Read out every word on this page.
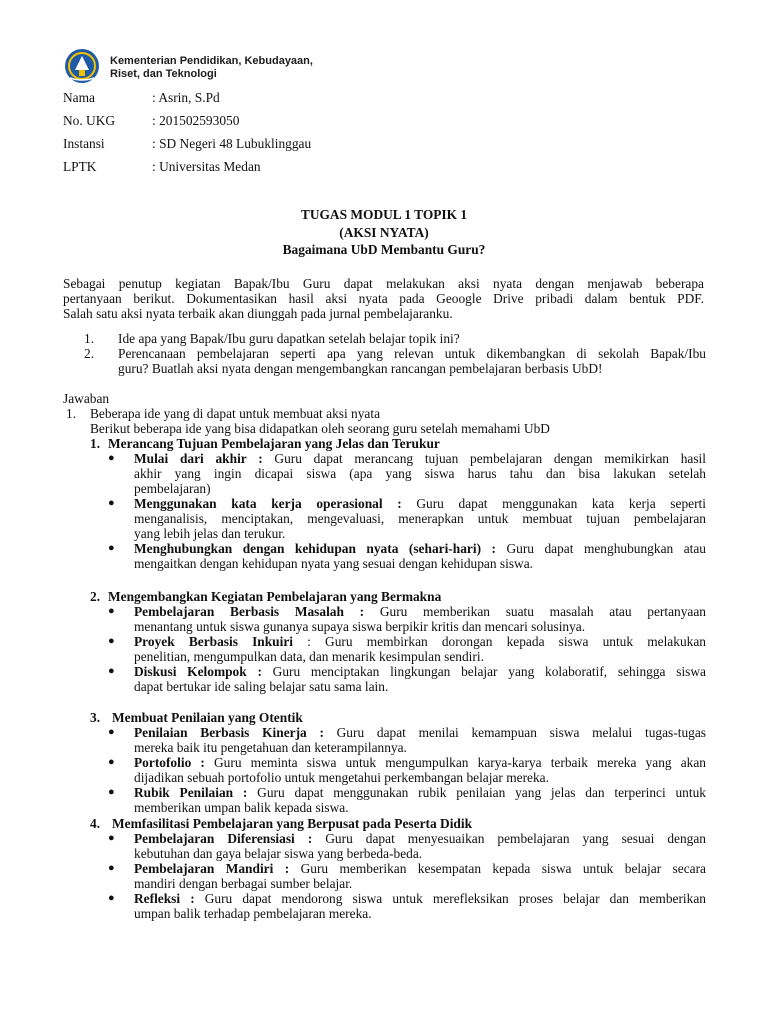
Kementerian Pendidikan, Kebudayaan,
Riset, dan Teknologi
Nama	: Asrin, S.Pd
No. UKG	: 201502593050
Instansi	: SD Negeri 48 Lubuklinggau
LPTK	: Universitas Medan
TUGAS MODUL 1 TOPIK 1
(AKSI NYATA)
Bagaimana UbD Membantu Guru?
Sebagai penutup kegiatan Bapak/Ibu Guru dapat melakukan aksi nyata dengan menjawab beberapa
pertanyaan berikut. Dokumentasikan hasil aksi nyata pada Geoogle Drive pribadi dalam bentuk PDF.
Salah satu aksi nyata terbaik akan diunggah pada jurnal pembelajaranku.
1.	Ide apa yang Bapak/Ibu guru dapatkan setelah belajar topik ini?
2.	Perencanaan pembelajaran seperti apa yang relevan untuk dikembangkan di sekolah Bapak/Ibu
guru? Buatlah aksi nyata dengan mengembangkan rancangan pembelajaran berbasis UbD!
Jawaban
1.	Beberapa ide yang di dapat untuk membuat aksi nyata
Berikut beberapa ide yang bisa didapatkan oleh seorang guru setelah memahami UbD
1. Merancang Tujuan Pembelajaran yang Jelas dan Terukur
●	Mulai dari akhir : Guru dapat merancang tujuan pembelajaran dengan memikirkan hasil
akhir yang ingin dicapai siswa (apa yang siswa harus tahu dan bisa lakukan setelah
pembelajaran)
●	Menggunakan kata kerja operasional : Guru dapat menggunakan kata kerja seperti
menganalisis, menciptakan, mengevaluasi, menerapkan untuk membuat tujuan pembelajaran
yang lebih jelas dan terukur.
●	Menghubungkan dengan kehidupan nyata (sehari-hari) : Guru dapat menghubungkan atau
mengaitkan dengan kehidupan nyata yang sesuai dengan kehidupan siswa.
2. Mengembangkan Kegiatan Pembelajaran yang Bermakna
●	Pembelajaran Berbasis Masalah : Guru memberikan suatu masalah atau pertanyaan
menantang untuk siswa gunanya supaya siswa berpikir kritis dan mencari solusinya.
●	Proyek Berbasis Inkuiri : Guru membirkan dorongan kepada siswa untuk melakukan
penelitian, mengumpulkan data, dan menarik kesimpulan sendiri.
●	Diskusi Kelompok : Guru menciptakan lingkungan belajar yang kolaboratif, sehingga siswa
dapat bertukar ide saling belajar satu sama lain.
3. Membuat Penilaian yang Otentik
●	Penilaian Berbasis Kinerja : Guru dapat menilai kemampuan siswa melalui tugas-tugas
mereka baik itu pengetahuan dan keterampilannya.
●	Portofolio : Guru meminta siswa untuk mengumpulkan karya-karya terbaik mereka yang akan
dijadikan sebuah portofolio untuk mengetahui perkembangan belajar mereka.
●	Rubik Penilaian : Guru dapat menggunakan rubik penilaian yang jelas dan terperinci untuk
memberikan umpan balik kepada siswa.
4. Memfasilitasi Pembelajaran yang Berpusat pada Peserta Didik
●	Pembelajaran Diferensiasi : Guru dapat menyesuaikan pembelajaran yang sesuai dengan
kebutuhan dan gaya belajar siswa yang berbeda-beda.
●	Pembelajaran Mandiri : Guru memberikan kesempatan kepada siswa untuk belajar secara
mandiri dengan berbagai sumber belajar.
●	Refleksi : Guru dapat mendorong siswa untuk merefleksikan proses belajar dan memberikan
umpan balik terhadap pembelajaran mereka.
